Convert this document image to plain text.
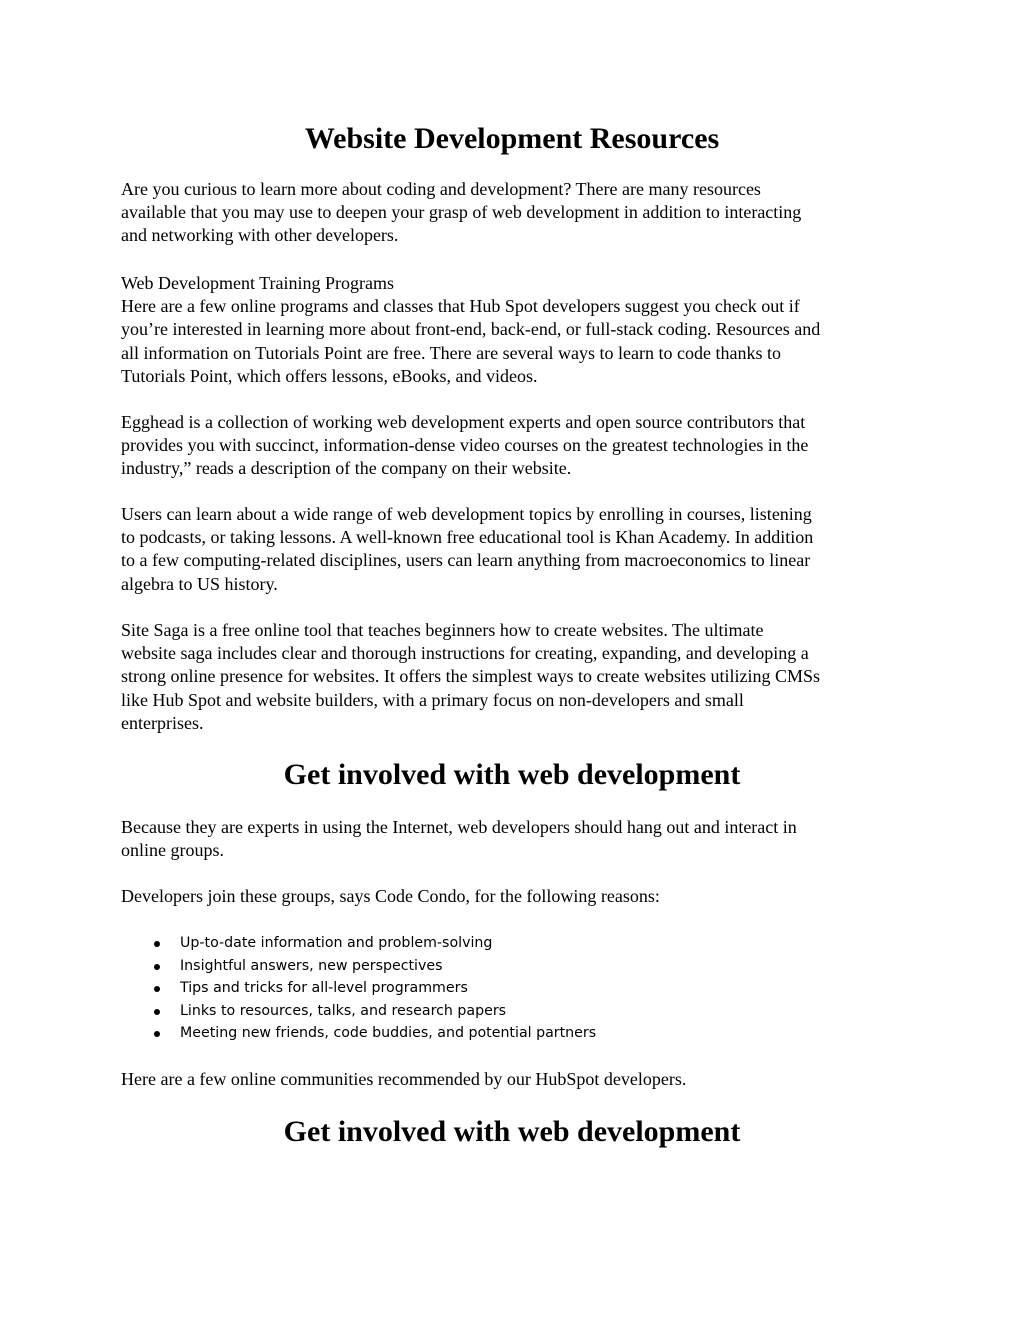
Website Development Resources

Are you curious to learn more about coding and development? There are many resources
available that you may use to deepen your grasp of web development in addition to interacting
and networking with other developers.

Web Development Training Programs
Here are a few online programs and classes that Hub Spot developers suggest you check out if
you’re interested in learning more about front-end, back-end, or full-stack coding. Resources and
all information on Tutorials Point are free. There are several ways to learn to code thanks to
Tutorials Point, which offers lessons, eBooks, and videos.

Egghead is a collection of working web development experts and open source contributors that
provides you with succinct, information-dense video courses on the greatest technologies in the
industry,” reads a description of the company on their website.

Users can learn about a wide range of web development topics by enrolling in courses, listening
to podcasts, or taking lessons. A well-known free educational tool is Khan Academy. In addition
to a few computing-related disciplines, users can learn anything from macroeconomics to linear
algebra to US history.

Site Saga is a free online tool that teaches beginners how to create websites. The ultimate
website saga includes clear and thorough instructions for creating, expanding, and developing a
strong online presence for websites. It offers the simplest ways to create websites utilizing CMSs
like Hub Spot and website builders, with a primary focus on non-developers and small
enterprises.

Get involved with web development

Because they are experts in using the Internet, web developers should hang out and interact in
online groups.

Developers join these groups, says Code Condo, for the following reasons:

Up-to-date information and problem-solving
Insightful answers, new perspectives
Tips and tricks for all-level programmers
Links to resources, talks, and research papers
Meeting new friends, code buddies, and potential partners

Here are a few online communities recommended by our HubSpot developers.

Get involved with web development
